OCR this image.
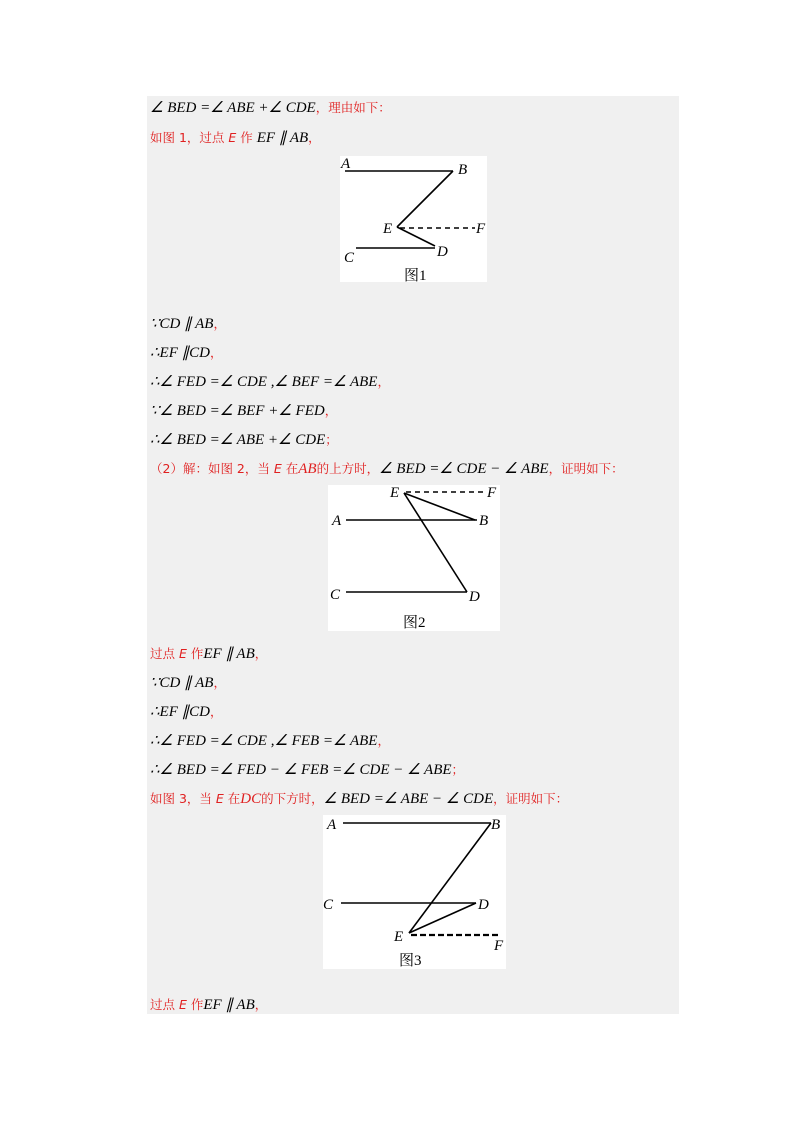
∠ BED =∠ ABE +∠ CDE，理由如下：
如图 1，过点 E 作 EF ∥ AB，
A	B
E	F
D
C
图1
∵CD ∥ AB，
∴EF ∥CD，
∴∠ FED =∠ CDE ,∠ BEF =∠ ABE，
∵∠ BED =∠ BEF +∠ FED，
∴∠ BED =∠ ABE +∠ CDE；
（2）解：如图 2，当 E 在AB的上方时，∠ BED =∠ CDE − ∠ ABE，证明如下：
E	F
A	B
C	D
图2
过点 E 作EF ∥ AB，
∵CD ∥ AB，
∴EF ∥CD，
∴∠ FED =∠ CDE ,∠ FEB =∠ ABE，
∴∠ BED =∠ FED − ∠ FEB =∠ CDE − ∠ ABE；
如图 3，当 E 在DC的下方时，∠ BED =∠ ABE − ∠ CDE，证明如下：
A	B
C	D
E
F
图3
过点 E 作EF ∥ AB，
